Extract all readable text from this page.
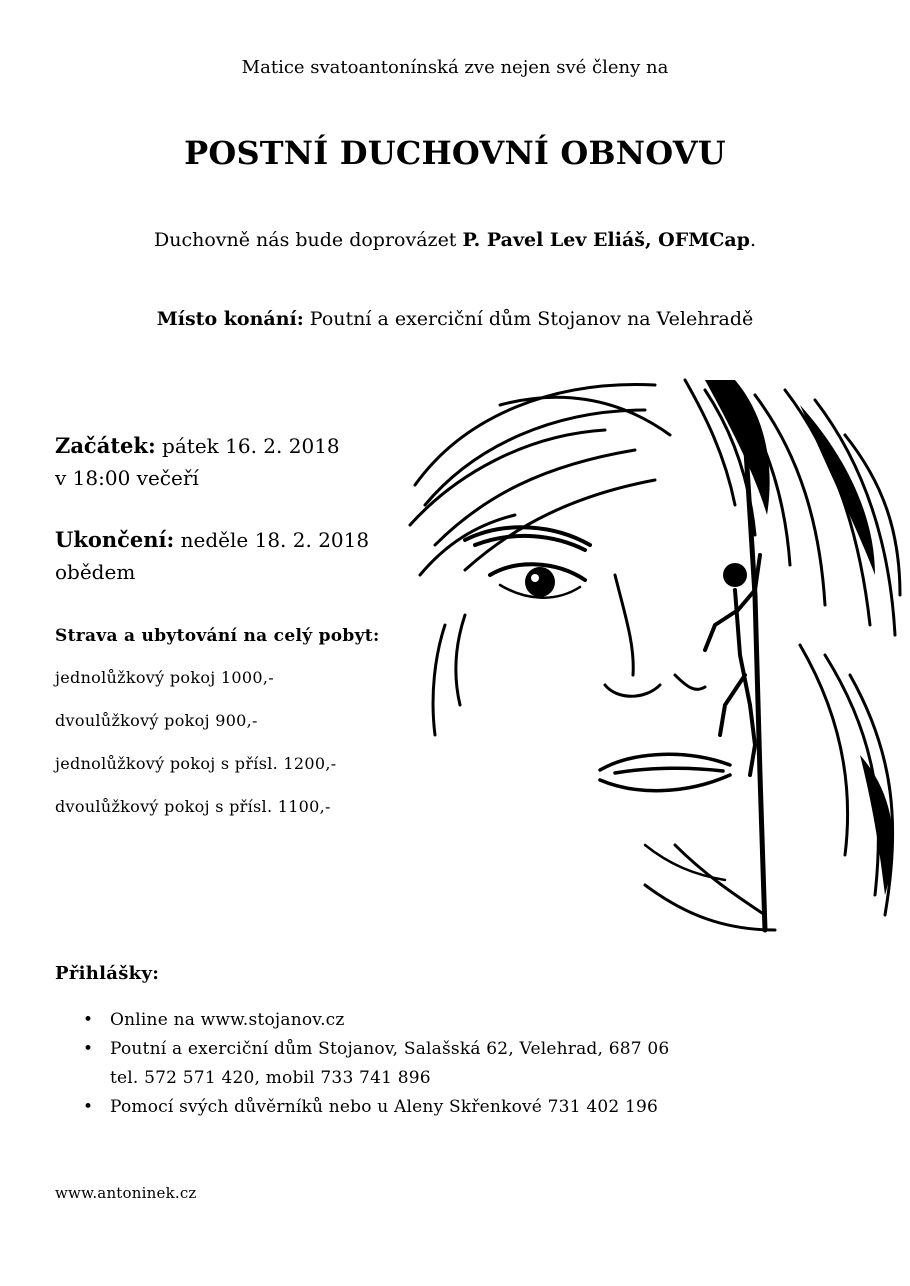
Matice svatoantonínská zve nejen své členy na
POSTNÍ DUCHOVNÍ OBNOVU
Duchovně nás bude doprovázet P. Pavel Lev Eliáš, OFMCap.
Místo konání: Poutní a exerciční dům Stojanov na Velehradě
Začátek: pátek 16. 2. 2018
v 18:00 večeří
Ukončení: neděle 18. 2. 2018
obědem
Strava a ubytování na celý pobyt:
jednolůžkový pokoj 1000,-
dvoulůžkový pokoj 900,-
jednolůžkový pokoj s přísl. 1200,-
dvoulůžkový pokoj s přísl. 1100,-
Přihlášky:
• Online na www.stojanov.cz
• Poutní a exerciční dům Stojanov, Salašská 62, Velehrad, 687 06
tel. 572 571 420, mobil 733 741 896
• Pomocí svých důvěrníků nebo u Aleny Skřenkové 731 402 196
www.antoninek.cz
